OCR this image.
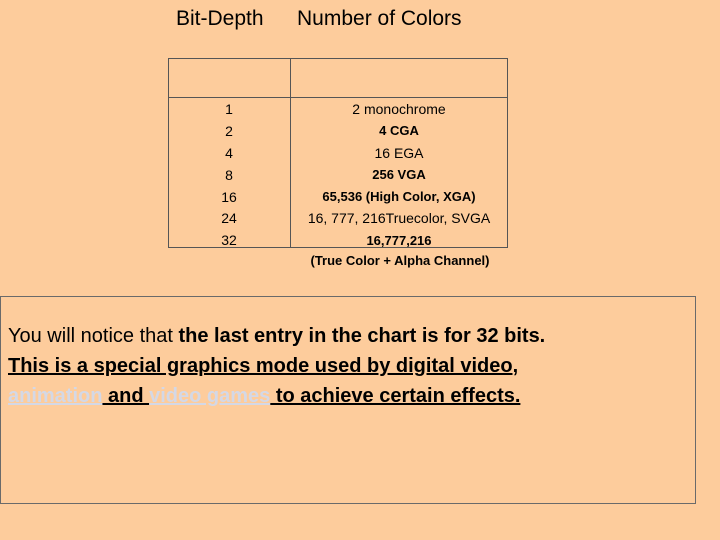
Bit-Depth Number of Colors
1
2
4
8
16
24
32
2 monochrome
4 CGA
16 EGA
256 VGA
65,536 (High Color, XGA)
16, 777, 216Truecolor, SVGA
16,777,216
(True Color + Alpha Channel)
You will notice that the last entry in the chart is for 32 bits.
This is a special graphics mode used by digital video,
animation and video games to achieve certain effects.
